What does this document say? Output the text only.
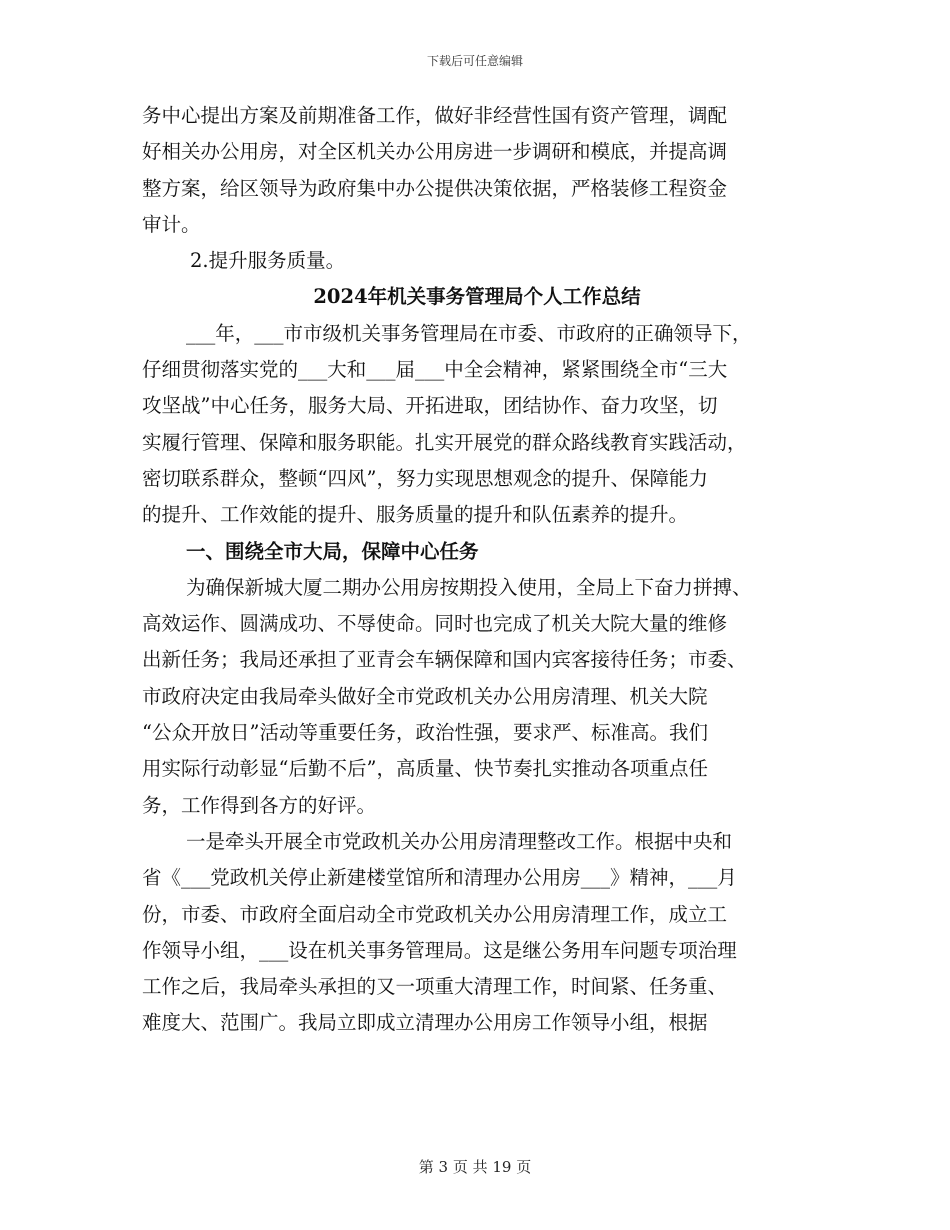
下载后可任意编辑
务中心提出方案及前期准备工作，做好非经营性国有资产管理，调配
好相关办公用房，对全区机关办公用房进一步调研和模底，并提高调
整方案，给区领导为政府集中办公提供决策依据，严格装修工程资金
审计。
2.提升服务质量。
2024年机关事务管理局个人工作总结
___年，___市市级机关事务管理局在市委、市政府的正确领导下，
仔细贯彻落实党的___大和___届___中全会精神，紧紧围绕全市“三大
攻坚战”中心任务，服务大局、开拓进取，团结协作、奋力攻坚，切
实履行管理、保障和服务职能。扎实开展党的群众路线教育实践活动，
密切联系群众，整顿“四风”，努力实现思想观念的提升、保障能力
的提升、工作效能的提升、服务质量的提升和队伍素养的提升。
一、围绕全市大局，保障中心任务
为确保新城大厦二期办公用房按期投入使用，全局上下奋力拼搏、
高效运作、圆满成功、不辱使命。同时也完成了机关大院大量的维修
出新任务；我局还承担了亚青会车辆保障和国内宾客接待任务；市委、
市政府决定由我局牵头做好全市党政机关办公用房清理、机关大院
“公众开放日”活动等重要任务，政治性强，要求严、标准高。我们
用实际行动彰显“后勤不后”，高质量、快节奏扎实推动各项重点任
务，工作得到各方的好评。
一是牵头开展全市党政机关办公用房清理整改工作。根据中央和
省《___党政机关停止新建楼堂馆所和清理办公用房___》精神，___月
份，市委、市政府全面启动全市党政机关办公用房清理工作，成立工
作领导小组，___设在机关事务管理局。这是继公务用车问题专项治理
工作之后，我局牵头承担的又一项重大清理工作，时间紧、任务重、
难度大、范围广。我局立即成立清理办公用房工作领导小组，根据
第 3 页 共 19 页
